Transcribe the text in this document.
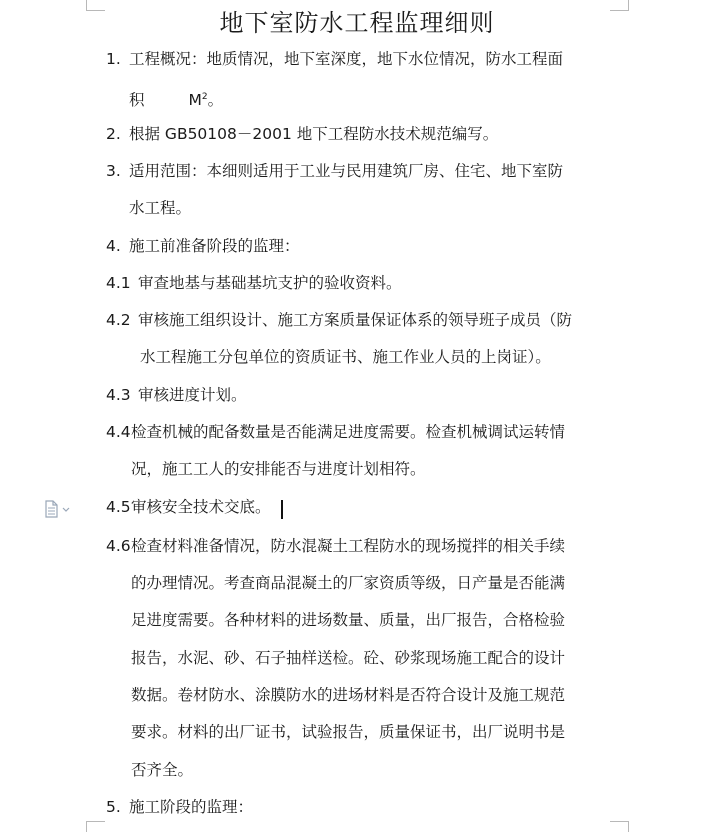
地下室防水工程监理细则
1. 工程概况：地质情况，地下室深度，地下水位情况，防水工程面
积	$M^2$。
2. 根据 GB50108－2001 地下工程防水技术规范编写。
3. 适用范围：本细则适用于工业与民用建筑厂房、住宅、地下室防
水工程。
4. 施工前准备阶段的监理：
4.1 审查地基与基础基坑支护的验收资料。
4.2 审核施工组织设计、施工方案质量保证体系的领导班子成员（防
水工程施工分包单位的资质证书、施工作业人员的上岗证）。
4.3 审核进度计划。
4.4 检查机械的配备数量是否能满足进度需要。检查机械调试运转情
况，施工工人的安排能否与进度计划相符。
4.5 审核安全技术交底。
4.6 检查材料准备情况，防水混凝土工程防水的现场搅拌的相关手续
的办理情况。考查商品混凝土的厂家资质等级，日产量是否能满
足进度需要。各种材料的进场数量、质量，出厂报告，合格检验
报告，水泥、砂、石子抽样送检。砼、砂浆现场施工配合的设计
数据。卷材防水、涂膜防水的进场材料是否符合设计及施工规范
要求。材料的出厂证书，试验报告，质量保证书，出厂说明书是
否齐全。
5. 施工阶段的监理：
